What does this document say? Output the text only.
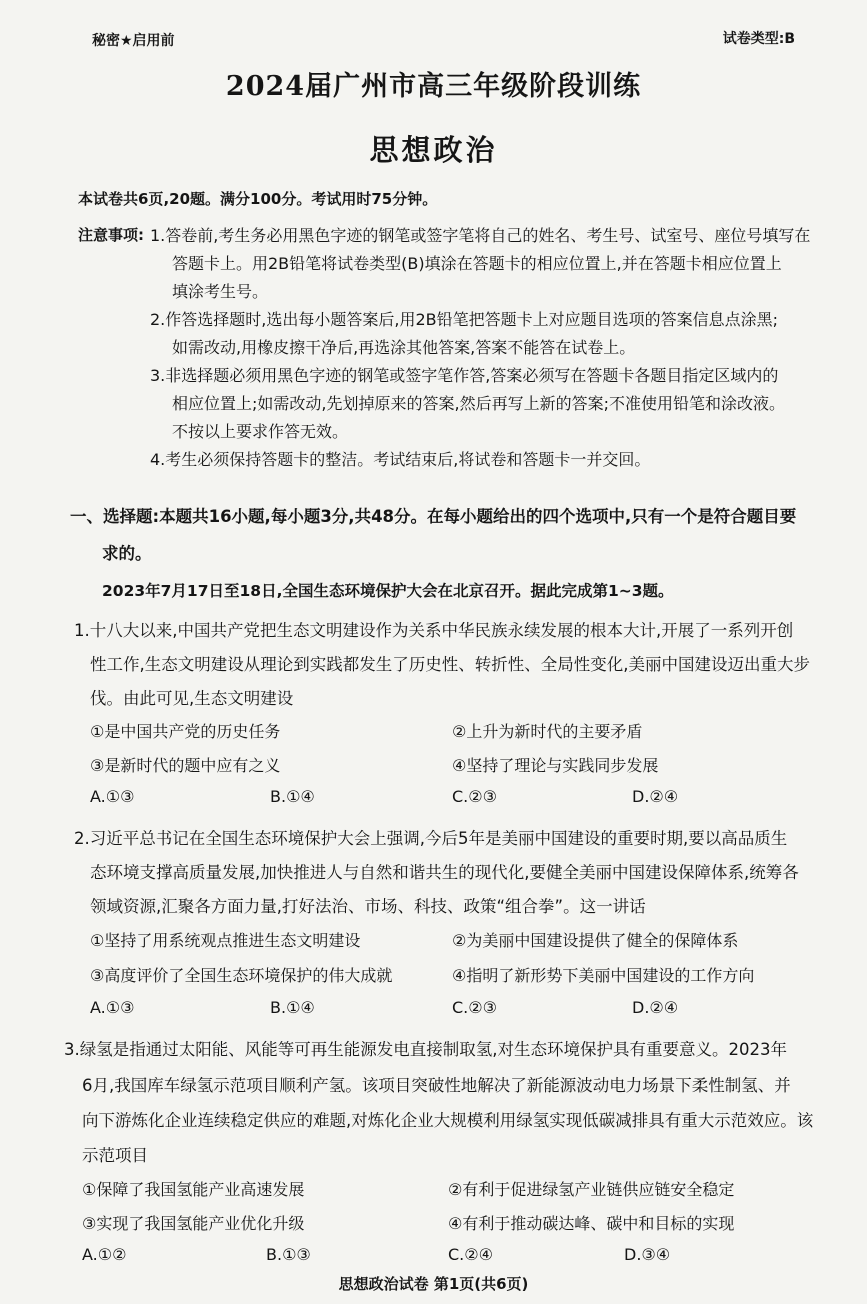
秘密★启用前	试卷类型:B
2024届广州市高三年级阶段训练
思想政治
本试卷共6页,20题。满分100分。考试用时75分钟。
注意事项: 1.答卷前,考生务必用黑色字迹的钢笔或签字笔将自己的姓名、考生号、试室号、座位号填写在
答题卡上。用2B铅笔将试卷类型(B)填涂在答题卡的相应位置上,并在答题卡相应位置上
填涂考生号。
2.作答选择题时,选出每小题答案后,用2B铅笔把答题卡上对应题目选项的答案信息点涂黑;
如需改动,用橡皮擦干净后,再选涂其他答案,答案不能答在试卷上。
3.非选择题必须用黑色字迹的钢笔或签字笔作答,答案必须写在答题卡各题目指定区域内的
相应位置上;如需改动,先划掉原来的答案,然后再写上新的答案;不准使用铅笔和涂改液。
不按以上要求作答无效。
4.考生必须保持答题卡的整洁。考试结束后,将试卷和答题卡一并交回。
一、选择题:本题共16小题,每小题3分,共48分。在每小题给出的四个选项中,只有一个是符合题目要
求的。
2023年7月17日至18日,全国生态环境保护大会在北京召开。据此完成第1~3题。
1.十八大以来,中国共产党把生态文明建设作为关系中华民族永续发展的根本大计,开展了一系列开创
性工作,生态文明建设从理论到实践都发生了历史性、转折性、全局性变化,美丽中国建设迈出重大步
伐。由此可见,生态文明建设
①是中国共产党的历史任务	②上升为新时代的主要矛盾
③是新时代的题中应有之义	④坚持了理论与实践同步发展
A.①③	B.①④	C.②③	D.②④
2.习近平总书记在全国生态环境保护大会上强调,今后5年是美丽中国建设的重要时期,要以高品质生
态环境支撑高质量发展,加快推进人与自然和谐共生的现代化,要健全美丽中国建设保障体系,统筹各
领域资源,汇聚各方面力量,打好法治、市场、科技、政策“组合拳”。这一讲话
①坚持了用系统观点推进生态文明建设	②为美丽中国建设提供了健全的保障体系
③高度评价了全国生态环境保护的伟大成就	④指明了新形势下美丽中国建设的工作方向
A.①③	B.①④	C.②③	D.②④
3.绿氢是指通过太阳能、风能等可再生能源发电直接制取氢,对生态环境保护具有重要意义。2023年
6月,我国库车绿氢示范项目顺利产氢。该项目突破性地解决了新能源波动电力场景下柔性制氢、并
向下游炼化企业连续稳定供应的难题,对炼化企业大规模利用绿氢实现低碳减排具有重大示范效应。该
示范项目
①保障了我国氢能产业高速发展	②有利于促进绿氢产业链供应链安全稳定
③实现了我国氢能产业优化升级	④有利于推动碳达峰、碳中和目标的实现
A.①②	B.①③	C.②④	D.③④
思想政治试卷 第1页(共6页)
